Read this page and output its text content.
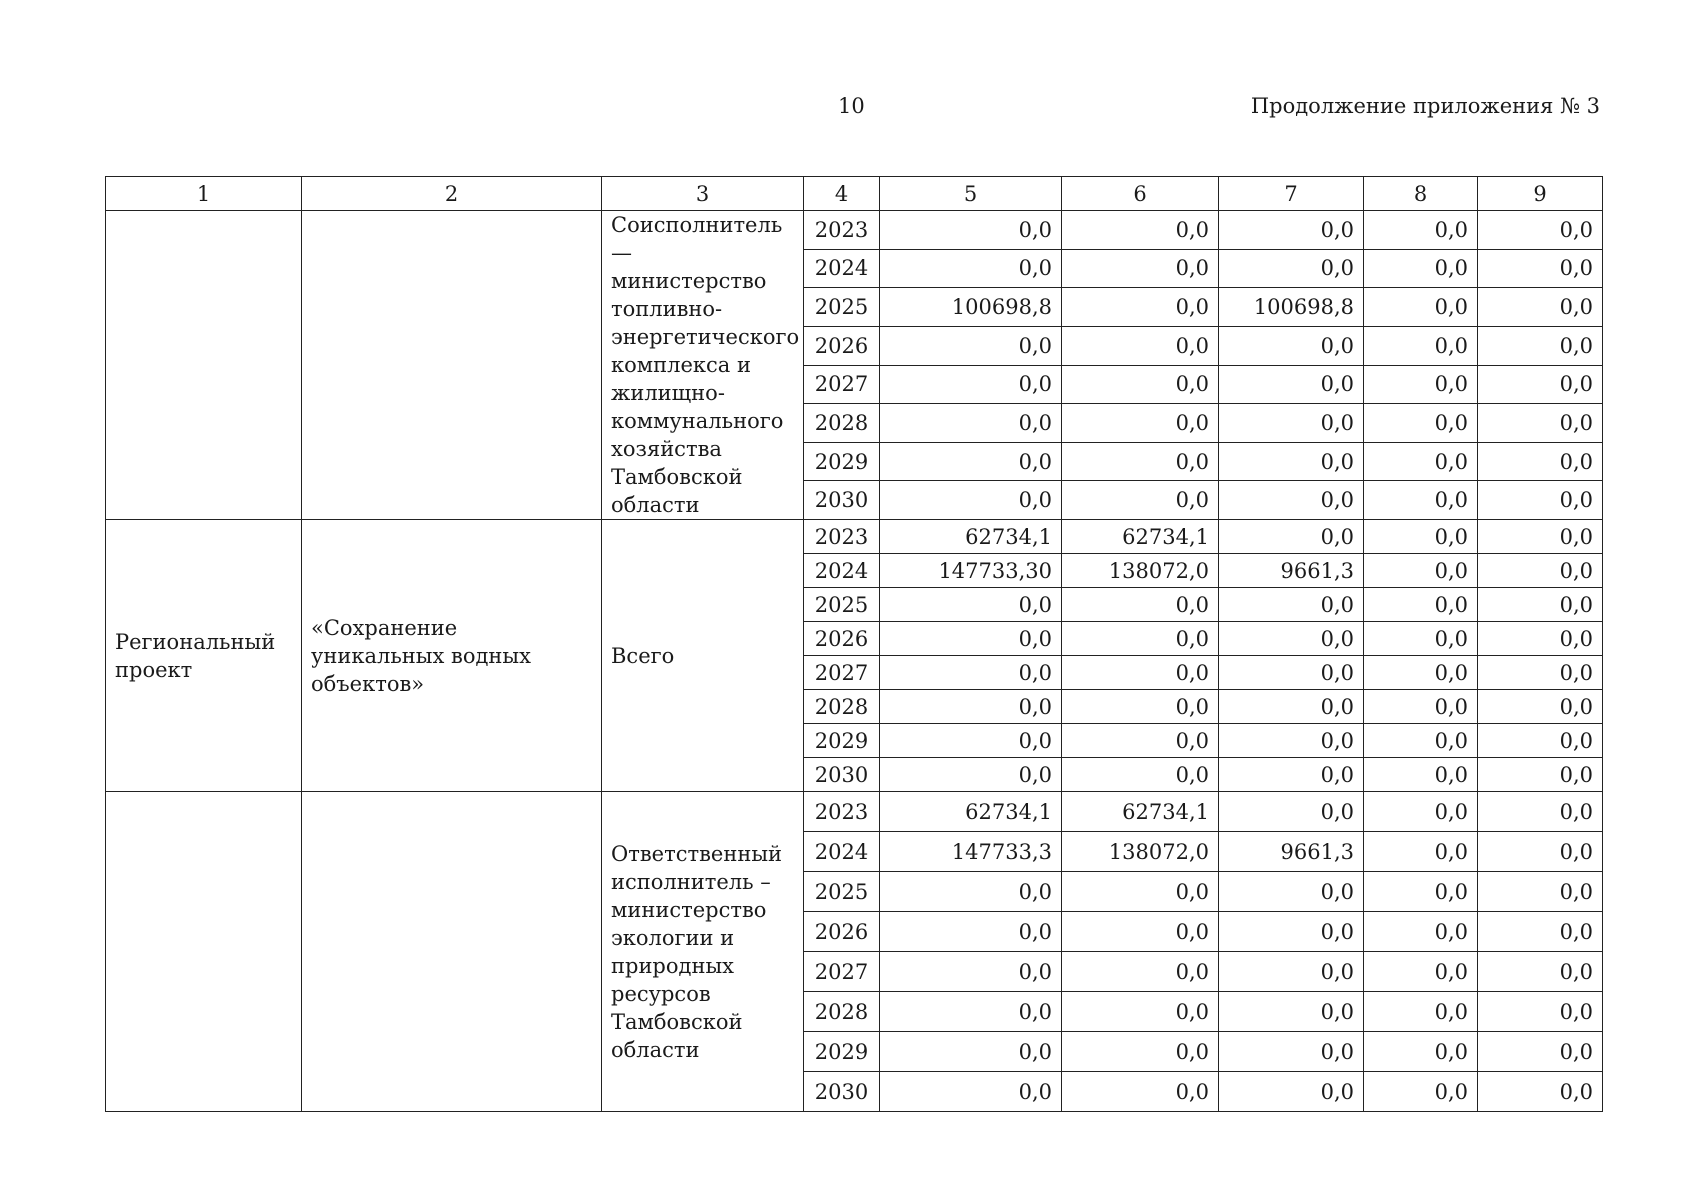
10	Продолжение приложения № 3
1	2	3	4	5	6	7	8	9
		Соисполнитель — министерство топливно-энергетического комплекса и жилищно-коммунального хозяйства Тамбовской области	2023	0,0	0,0	0,0	0,0	0,0
			2024	0,0	0,0	0,0	0,0	0,0
			2025	100698,8	0,0	100698,8	0,0	0,0
			2026	0,0	0,0	0,0	0,0	0,0
			2027	0,0	0,0	0,0	0,0	0,0
			2028	0,0	0,0	0,0	0,0	0,0
			2029	0,0	0,0	0,0	0,0	0,0
			2030	0,0	0,0	0,0	0,0	0,0
Региональный проект	«Сохранение уникальных водных объектов»	Всего	2023	62734,1	62734,1	0,0	0,0	0,0
			2024	147733,30	138072,0	9661,3	0,0	0,0
			2025	0,0	0,0	0,0	0,0	0,0
			2026	0,0	0,0	0,0	0,0	0,0
			2027	0,0	0,0	0,0	0,0	0,0
			2028	0,0	0,0	0,0	0,0	0,0
			2029	0,0	0,0	0,0	0,0	0,0
			2030	0,0	0,0	0,0	0,0	0,0
		Ответственный исполнитель – министерство экологии и природных ресурсов Тамбовской области	2023	62734,1	62734,1	0,0	0,0	0,0
			2024	147733,3	138072,0	9661,3	0,0	0,0
			2025	0,0	0,0	0,0	0,0	0,0
			2026	0,0	0,0	0,0	0,0	0,0
			2027	0,0	0,0	0,0	0,0	0,0
			2028	0,0	0,0	0,0	0,0	0,0
			2029	0,0	0,0	0,0	0,0	0,0
			2030	0,0	0,0	0,0	0,0	0,0
